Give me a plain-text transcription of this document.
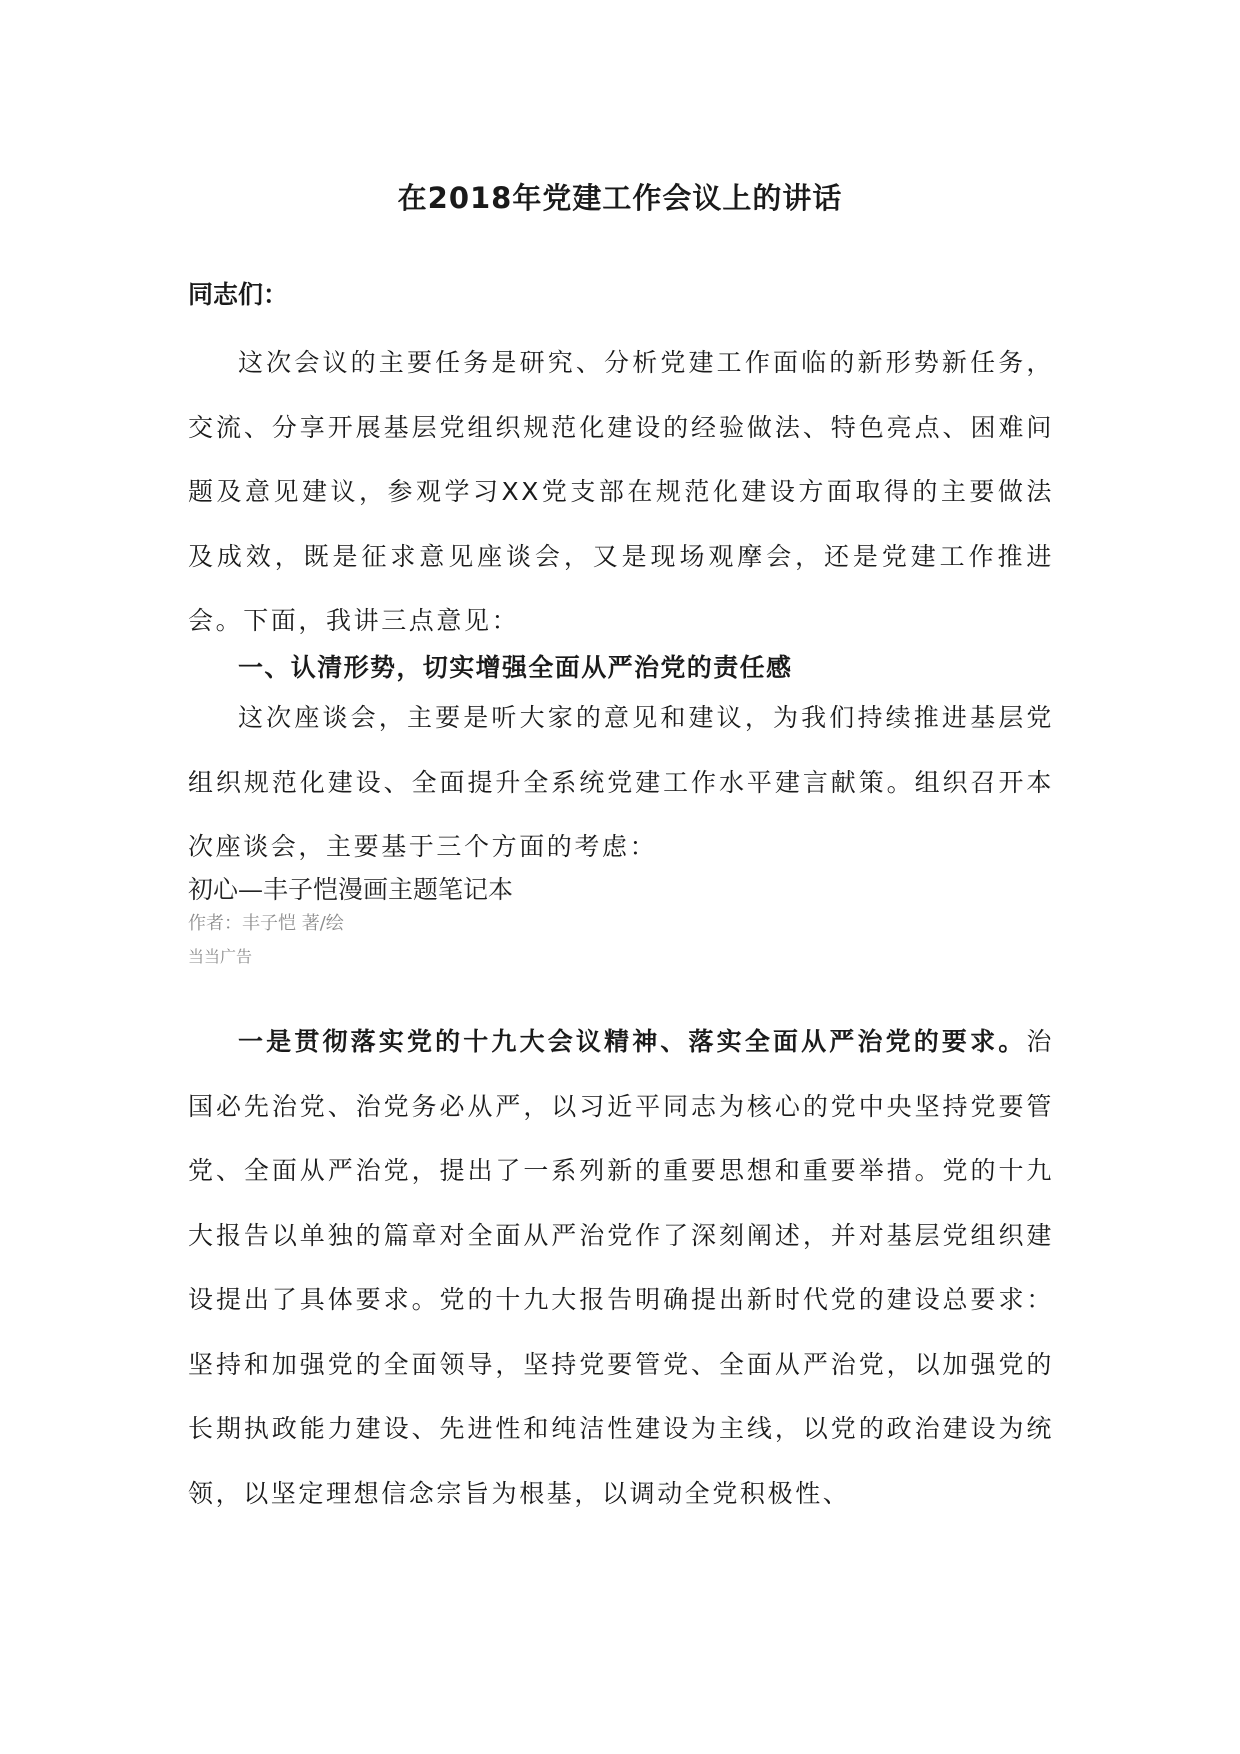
在2018年党建工作会议上的讲话
同志们：

这次会议的主要任务是研究、分析党建工作面临的新形势新任务，交流、分享开展基层党组织规范化建设的经验做法、特色亮点、困难问题及意见建议，参观学习XX党支部在规范化建设方面取得的主要做法及成效，既是征求意见座谈会，又是现场观摩会，还是党建工作推进会。下面，我讲三点意见：

一、认清形势，切实增强全面从严治党的责任感

这次座谈会，主要是听大家的意见和建议，为我们持续推进基层党组织规范化建设、全面提升全系统党建工作水平建言献策。组织召开本次座谈会，主要基于三个方面的考虑：

初心—丰子恺漫画主题笔记本
作者：丰子恺 著/绘
当当广告

一是贯彻落实党的十九大会议精神、落实全面从严治党的要求。治国必先治党、治党务必从严，以习近平同志为核心的党中央坚持党要管党、全面从严治党，提出了一系列新的重要思想和重要举措。党的十九大报告以单独的篇章对全面从严治党作了深刻阐述，并对基层党组织建设提出了具体要求。党的十九大报告明确提出新时代党的建设总要求：坚持和加强党的全面领导，坚持党要管党、全面从严治党，以加强党的长期执政能力建设、先进性和纯洁性建设为主线，以党的政治建设为统领，以坚定理想信念宗旨为根基，以调动全党积极性、
